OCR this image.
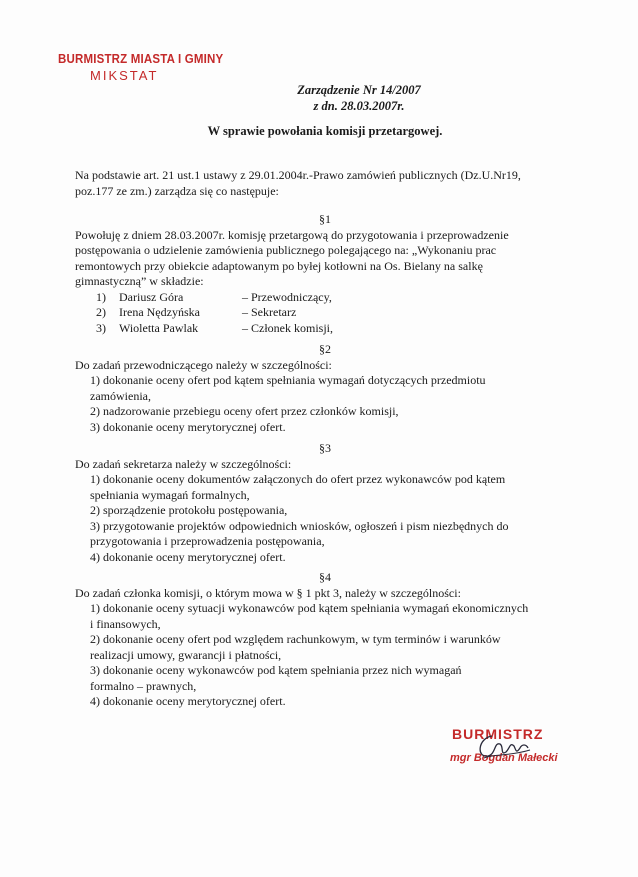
BURMISTRZ MIASTA I GMINY
MIKSTAT
Zarządzenie Nr 14/2007
z dn. 28.03.2007r.
W sprawie powołania komisji przetargowej.
Na podstawie art. 21 ust.1 ustawy z 29.01.2004r.-Prawo zamówień publicznych (Dz.U.Nr19,
poz.177 ze zm.) zarządza się co następuje:
§1
Powołuję z dniem 28.03.2007r. komisję przetargową do przygotowania i przeprowadzenie
postępowania o udzielenie zamówienia publicznego polegającego na: „Wykonaniu prac
remontowych przy obiekcie adaptowanym po byłej kotłowni na Os. Bielany na salkę
gimnastyczną” w składzie:
1) Dariusz Góra	– Przewodniczący,
2) Irena Nędzyńska	– Sekretarz
3) Wioletta Pawlak	– Członek komisji,
§2
Do zadań przewodniczącego należy w szczególności:
1) dokonanie oceny ofert pod kątem spełniania wymagań dotyczących przedmiotu
zamówienia,
2) nadzorowanie przebiegu oceny ofert przez członków komisji,
3) dokonanie oceny merytorycznej ofert.
§3
Do zadań sekretarza należy w szczególności:
1) dokonanie oceny dokumentów załączonych do ofert przez wykonawców pod kątem
spełniania wymagań formalnych,
2) sporządzenie protokołu postępowania,
3) przygotowanie projektów odpowiednich wniosków, ogłoszeń i pism niezbędnych do
przygotowania i przeprowadzenia postępowania,
4) dokonanie oceny merytorycznej ofert.
§4
Do zadań członka komisji, o którym mowa w § 1 pkt 3, należy w szczególności:
1) dokonanie oceny sytuacji wykonawców pod kątem spełniania wymagań ekonomicznych
i finansowych,
2) dokonanie oceny ofert pod względem rachunkowym, w tym terminów i warunków
realizacji umowy, gwarancji i płatności,
3) dokonanie oceny wykonawców pod kątem spełniania przez nich wymagań
formalno – prawnych,
4) dokonanie oceny merytorycznej ofert.
BURMISTRZ
mgr Bogdan Małecki
